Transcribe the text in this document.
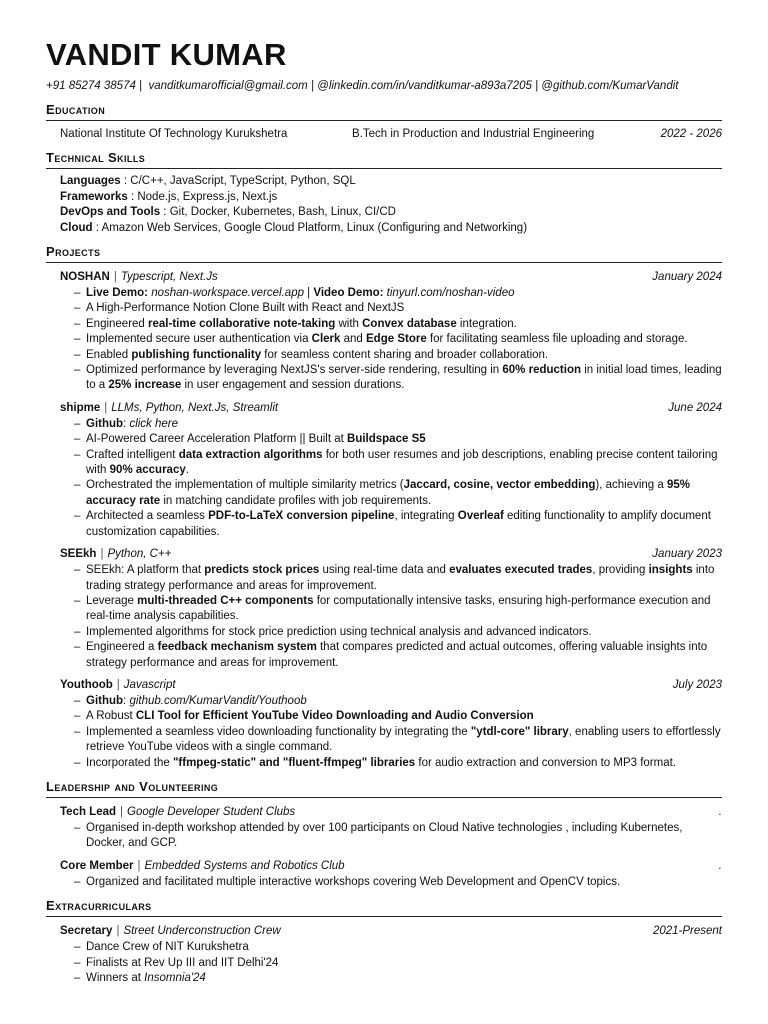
VANDIT KUMAR
+91 85274 38574 |  vanditkumarofficial@gmail.com | @linkedin.com/in/vanditkumar-a893a7205 | @github.com/KumarVandit
Education
National Institute Of Technology Kurukshetra	B.Tech in Production and Industrial Engineering	2022 - 2026
Technical Skills
Languages : C/C++, JavaScript, TypeScript, Python, SQL
Frameworks : Node.js, Express.js, Next.js
DevOps and Tools : Git, Docker, Kubernetes, Bash, Linux, CI/CD
Cloud : Amazon Web Services, Google Cloud Platform, Linux (Configuring and Networking)
Projects
NOSHAN | Typescript, Next.Js	January 2024
– Live Demo: noshan-workspace.vercel.app | Video Demo: tinyurl.com/noshan-video
– A High-Performance Notion Clone Built with React and NextJS
– Engineered real-time collaborative note-taking with Convex database integration.
– Implemented secure user authentication via Clerk and Edge Store for facilitating seamless file uploading and storage.
– Enabled publishing functionality for seamless content sharing and broader collaboration.
– Optimized performance by leveraging NextJS's server-side rendering, resulting in 60% reduction in initial load times, leading to a 25% increase in user engagement and session durations.
shipme | LLMs, Python, Next.Js, Streamlit	June 2024
– Github: click here
– AI-Powered Career Acceleration Platform || Built at Buildspace S5
– Crafted intelligent data extraction algorithms for both user resumes and job descriptions, enabling precise content tailoring with 90% accuracy.
– Orchestrated the implementation of multiple similarity metrics (Jaccard, cosine, vector embedding), achieving a 95% accuracy rate in matching candidate profiles with job requirements.
– Architected a seamless PDF-to-LaTeX conversion pipeline, integrating Overleaf editing functionality to amplify document customization capabilities.
SEEkh | Python, C++	January 2023
– SEEkh: A platform that predicts stock prices using real-time data and evaluates executed trades, providing insights into trading strategy performance and areas for improvement.
– Leverage multi-threaded C++ components for computationally intensive tasks, ensuring high-performance execution and real-time analysis capabilities.
– Implemented algorithms for stock price prediction using technical analysis and advanced indicators.
– Engineered a feedback mechanism system that compares predicted and actual outcomes, offering valuable insights into strategy performance and areas for improvement.
Youthoob | Javascript	July 2023
– Github: github.com/KumarVandit/Youthoob
– A Robust CLI Tool for Efficient YouTube Video Downloading and Audio Conversion
– Implemented a seamless video downloading functionality by integrating the "ytdl-core" library, enabling users to effortlessly retrieve YouTube videos with a single command.
– Incorporated the "ffmpeg-static" and "fluent-ffmpeg" libraries for audio extraction and conversion to MP3 format.
Leadership and Volunteering
Tech Lead | Google Developer Student Clubs	.
– Organised in-depth workshop attended by over 100 participants on Cloud Native technologies , including Kubernetes, Docker, and GCP.
Core Member | Embedded Systems and Robotics Club	.
– Organized and facilitated multiple interactive workshops covering Web Development and OpenCV topics.
Extracurriculars
Secretary | Street Underconstruction Crew	2021-Present
– Dance Crew of NIT Kurukshetra
– Finalists at Rev Up III and IIT Delhi'24
– Winners at Insomnia'24
